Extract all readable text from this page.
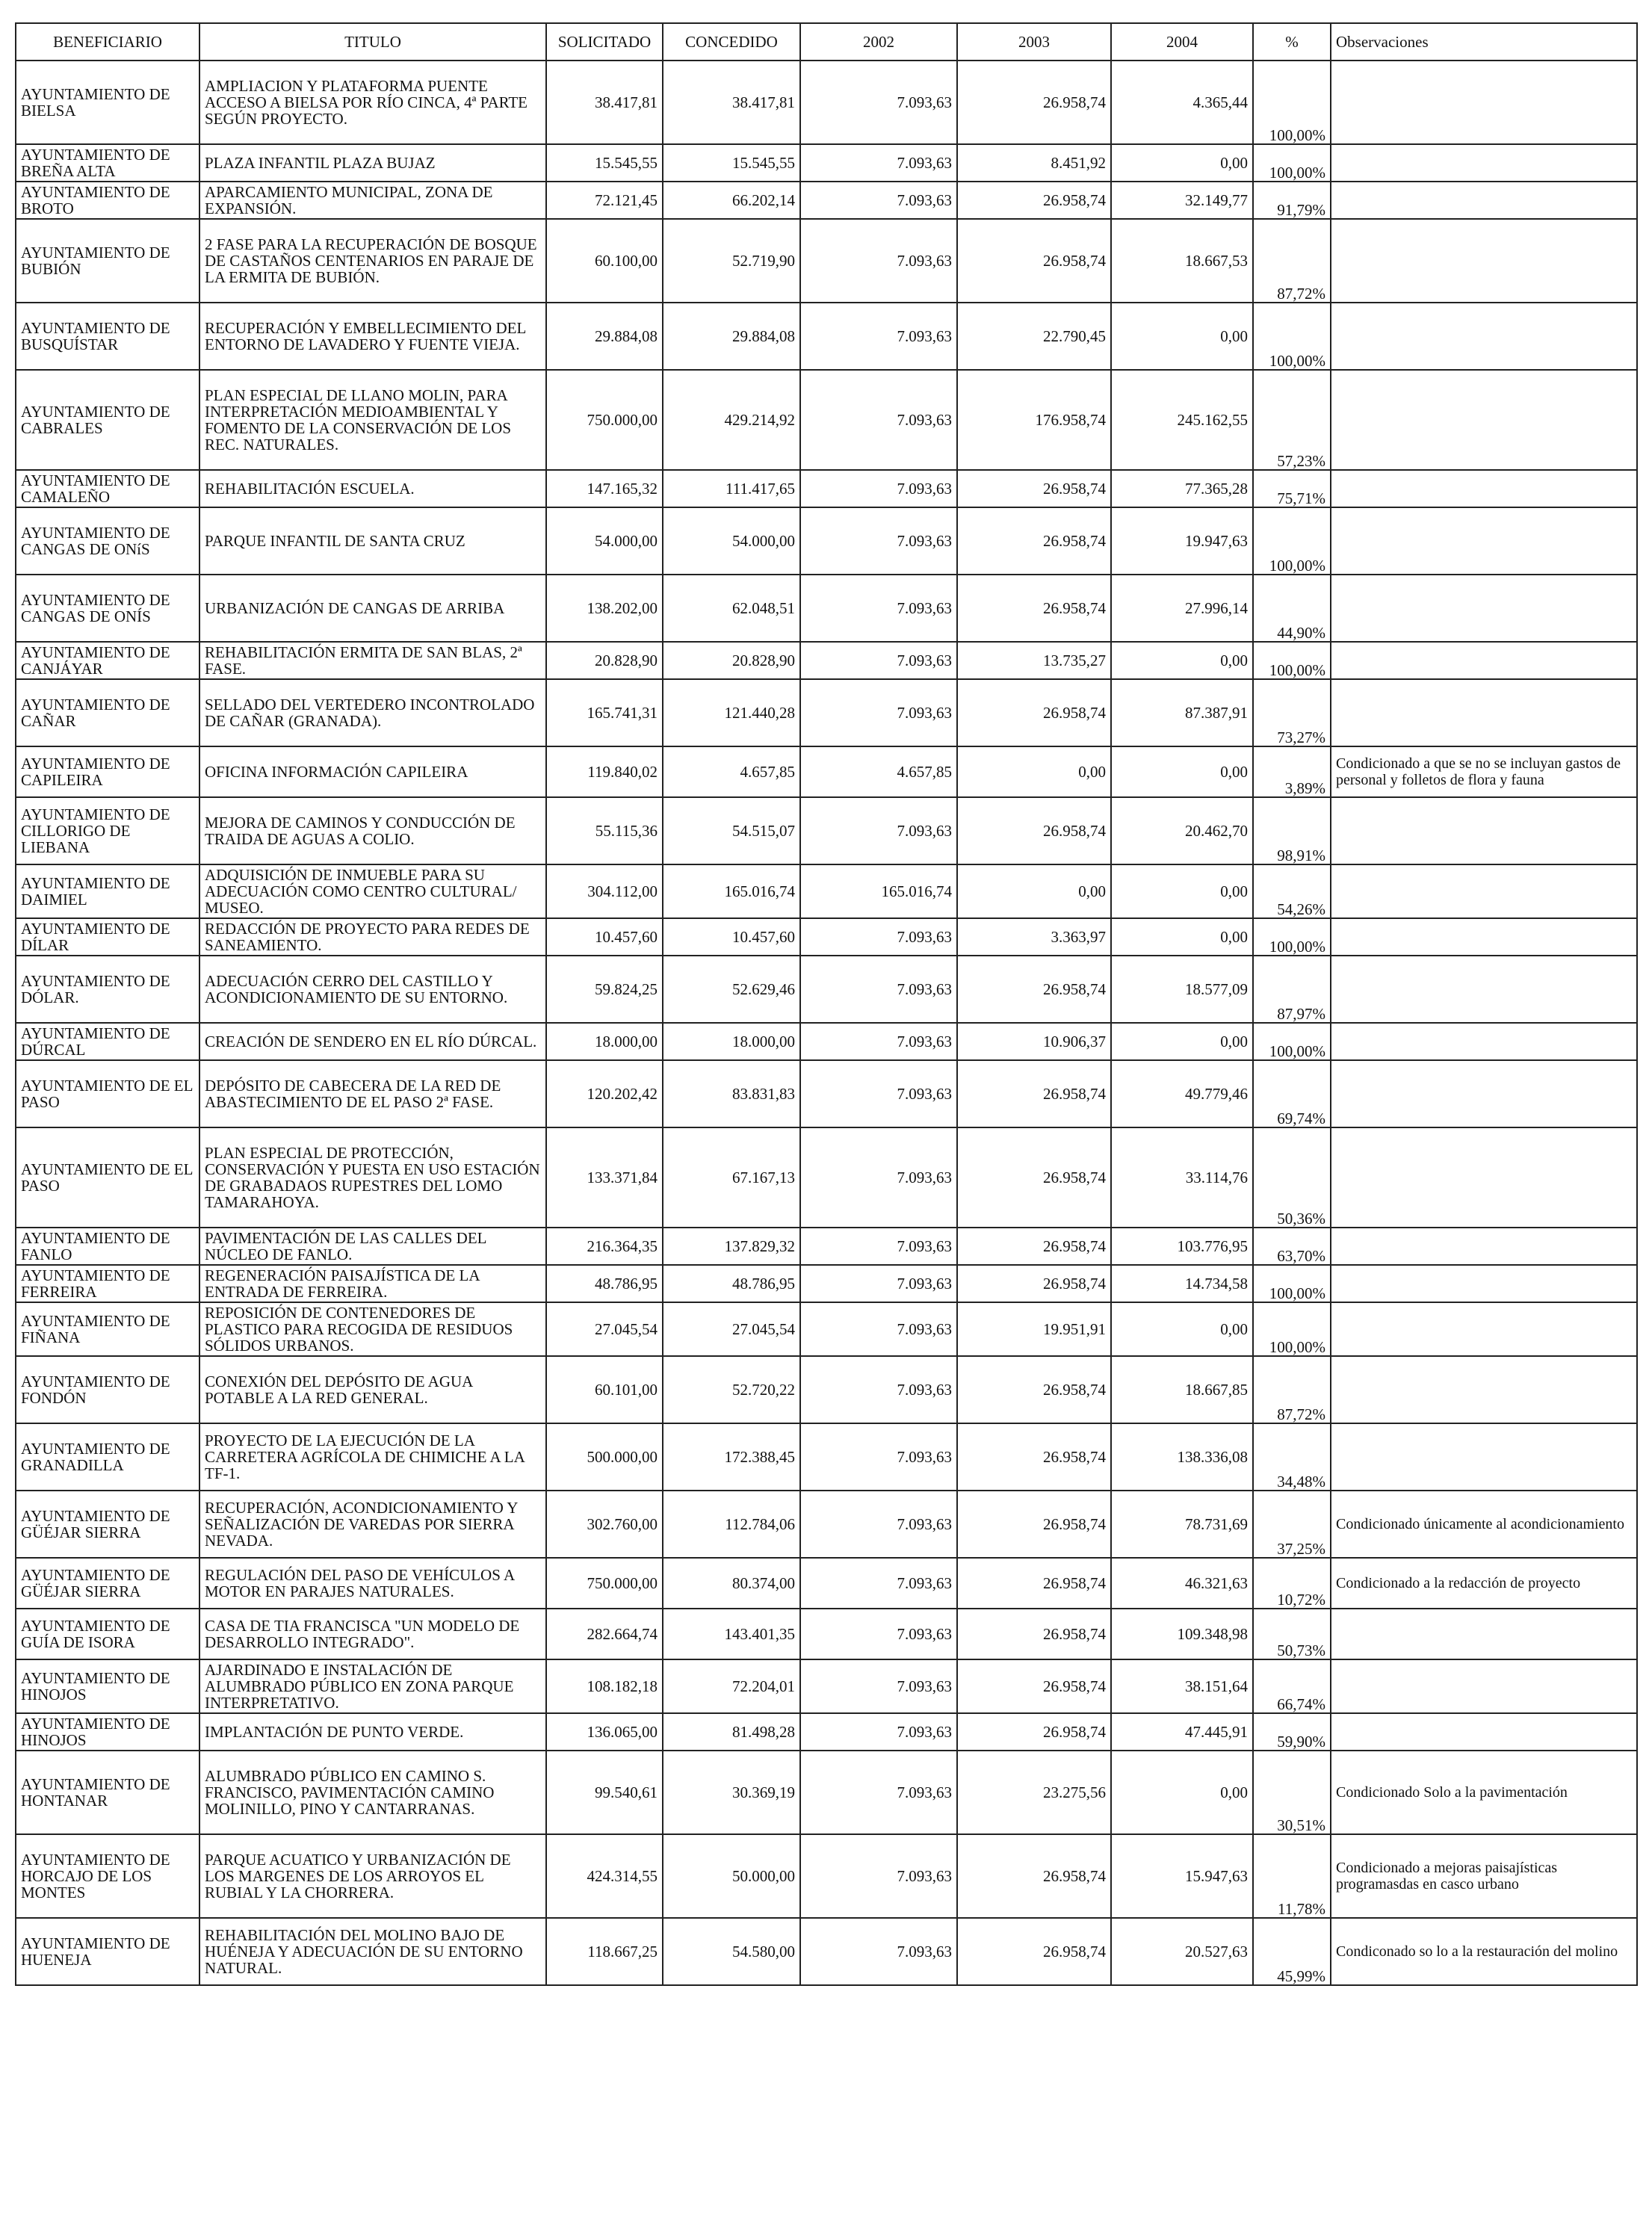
BENEFICIARIO	TITULO	SOLICITADO	CONCEDIDO	2002	2003	2004	%	Observaciones
AYUNTAMIENTO DE BIELSA	AMPLIACION Y PLATAFORMA PUENTE ACCESO A BIELSA POR RÍO CINCA, 4ª PARTE SEGÚN PROYECTO.	38.417,81	38.417,81	7.093,63	26.958,74	4.365,44	100,00%	
AYUNTAMIENTO DE BREÑA ALTA	PLAZA INFANTIL PLAZA BUJAZ	15.545,55	15.545,55	7.093,63	8.451,92	0,00	100,00%	
AYUNTAMIENTO DE BROTO	APARCAMIENTO MUNICIPAL, ZONA DE EXPANSIÓN.	72.121,45	66.202,14	7.093,63	26.958,74	32.149,77	91,79%	
AYUNTAMIENTO DE BUBIÓN	2 FASE PARA LA RECUPERACIÓN DE BOSQUE DE CASTAÑOS CENTENARIOS EN PARAJE DE LA ERMITA DE BUBIÓN.	60.100,00	52.719,90	7.093,63	26.958,74	18.667,53	87,72%	
AYUNTAMIENTO DE BUSQUÍSTAR	RECUPERACIÓN Y EMBELLECIMIENTO DEL ENTORNO DE LAVADERO Y FUENTE VIEJA.	29.884,08	29.884,08	7.093,63	22.790,45	0,00	100,00%	
AYUNTAMIENTO DE CABRALES	PLAN ESPECIAL DE LLANO MOLIN, PARA INTERPRETACIÓN MEDIOAMBIENTAL Y FOMENTO DE LA CONSERVACIÓN DE LOS REC. NATURALES.	750.000,00	429.214,92	7.093,63	176.958,74	245.162,55	57,23%	
AYUNTAMIENTO DE CAMALEÑO	REHABILITACIÓN ESCUELA.	147.165,32	111.417,65	7.093,63	26.958,74	77.365,28	75,71%	
AYUNTAMIENTO DE CANGAS DE ONíS	PARQUE INFANTIL DE SANTA CRUZ	54.000,00	54.000,00	7.093,63	26.958,74	19.947,63	100,00%	
AYUNTAMIENTO DE CANGAS DE ONÍS	URBANIZACIÓN DE CANGAS DE ARRIBA	138.202,00	62.048,51	7.093,63	26.958,74	27.996,14	44,90%	
AYUNTAMIENTO DE CANJÁYAR	REHABILITACIÓN ERMITA DE SAN BLAS, 2ª FASE.	20.828,90	20.828,90	7.093,63	13.735,27	0,00	100,00%	
AYUNTAMIENTO DE CAÑAR	SELLADO DEL VERTEDERO INCONTROLADO DE CAÑAR (GRANADA).	165.741,31	121.440,28	7.093,63	26.958,74	87.387,91	73,27%	
AYUNTAMIENTO DE CAPILEIRA	OFICINA INFORMACIÓN CAPILEIRA	119.840,02	4.657,85	4.657,85	0,00	0,00	3,89%	Condicionado a que se no se incluyan gastos de personal y folletos de flora y fauna
AYUNTAMIENTO DE CILLORIGO DE LIEBANA	MEJORA DE CAMINOS Y CONDUCCIÓN DE TRAIDA DE AGUAS A COLIO.	55.115,36	54.515,07	7.093,63	26.958,74	20.462,70	98,91%	
AYUNTAMIENTO DE DAIMIEL	ADQUISICIÓN DE INMUEBLE PARA SU ADECUACIÓN COMO CENTRO CULTURAL/ MUSEO.	304.112,00	165.016,74	165.016,74	0,00	0,00	54,26%	
AYUNTAMIENTO DE DÍLAR	REDACCIÓN DE PROYECTO PARA REDES DE SANEAMIENTO.	10.457,60	10.457,60	7.093,63	3.363,97	0,00	100,00%	
AYUNTAMIENTO DE DÓLAR.	ADECUACIÓN CERRO DEL CASTILLO Y ACONDICIONAMIENTO DE SU ENTORNO.	59.824,25	52.629,46	7.093,63	26.958,74	18.577,09	87,97%	
AYUNTAMIENTO DE DÚRCAL	CREACIÓN DE SENDERO EN EL RÍO DÚRCAL.	18.000,00	18.000,00	7.093,63	10.906,37	0,00	100,00%	
AYUNTAMIENTO DE EL PASO	DEPÓSITO DE CABECERA DE LA RED DE ABASTECIMIENTO DE EL PASO 2ª FASE.	120.202,42	83.831,83	7.093,63	26.958,74	49.779,46	69,74%	
AYUNTAMIENTO DE EL PASO	PLAN ESPECIAL DE PROTECCIÓN, CONSERVACIÓN Y PUESTA EN USO ESTACIÓN DE GRABADAOS RUPESTRES DEL LOMO TAMARAHOYA.	133.371,84	67.167,13	7.093,63	26.958,74	33.114,76	50,36%	
AYUNTAMIENTO DE FANLO	PAVIMENTACIÓN DE LAS CALLES DEL NÚCLEO DE FANLO.	216.364,35	137.829,32	7.093,63	26.958,74	103.776,95	63,70%	
AYUNTAMIENTO DE FERREIRA	REGENERACIÓN PAISAJÍSTICA DE LA ENTRADA DE FERREIRA.	48.786,95	48.786,95	7.093,63	26.958,74	14.734,58	100,00%	
AYUNTAMIENTO DE FIÑANA	REPOSICIÓN DE CONTENEDORES DE PLASTICO PARA RECOGIDA DE RESIDUOS SÓLIDOS URBANOS.	27.045,54	27.045,54	7.093,63	19.951,91	0,00	100,00%	
AYUNTAMIENTO DE FONDÓN	CONEXIÓN DEL DEPÓSITO DE AGUA POTABLE A LA RED GENERAL.	60.101,00	52.720,22	7.093,63	26.958,74	18.667,85	87,72%	
AYUNTAMIENTO DE GRANADILLA	PROYECTO DE LA EJECUCIÓN DE LA CARRETERA AGRÍCOLA DE CHIMICHE A LA TF-1.	500.000,00	172.388,45	7.093,63	26.958,74	138.336,08	34,48%	
AYUNTAMIENTO DE GÜÉJAR SIERRA	RECUPERACIÓN, ACONDICIONAMIENTO Y SEÑALIZACIÓN DE VAREDAS POR SIERRA NEVADA.	302.760,00	112.784,06	7.093,63	26.958,74	78.731,69	37,25%	Condicionado únicamente al acondicionamiento
AYUNTAMIENTO DE GÜÉJAR SIERRA	REGULACIÓN DEL PASO DE VEHÍCULOS A MOTOR EN PARAJES NATURALES.	750.000,00	80.374,00	7.093,63	26.958,74	46.321,63	10,72%	Condicionado a la redacción de proyecto
AYUNTAMIENTO DE GUÍA DE ISORA	CASA DE TIA FRANCISCA "UN MODELO DE DESARROLLO INTEGRADO".	282.664,74	143.401,35	7.093,63	26.958,74	109.348,98	50,73%	
AYUNTAMIENTO DE HINOJOS	AJARDINADO E INSTALACIÓN DE ALUMBRADO PÚBLICO EN ZONA PARQUE INTERPRETATIVO.	108.182,18	72.204,01	7.093,63	26.958,74	38.151,64	66,74%	
AYUNTAMIENTO DE HINOJOS	IMPLANTACIÓN DE PUNTO VERDE.	136.065,00	81.498,28	7.093,63	26.958,74	47.445,91	59,90%	
AYUNTAMIENTO DE HONTANAR	ALUMBRADO PÚBLICO EN CAMINO S. FRANCISCO, PAVIMENTACIÓN CAMINO MOLINILLO, PINO Y CANTARRANAS.	99.540,61	30.369,19	7.093,63	23.275,56	0,00	30,51%	Condicionado Solo a la pavimentación
AYUNTAMIENTO DE HORCAJO DE LOS MONTES	PARQUE ACUATICO Y URBANIZACIÓN DE LOS MARGENES DE LOS ARROYOS EL RUBIAL Y LA CHORRERA.	424.314,55	50.000,00	7.093,63	26.958,74	15.947,63	11,78%	Condicionado a mejoras paisajísticas programasdas en casco urbano
AYUNTAMIENTO DE HUENEJA	REHABILITACIÓN DEL MOLINO BAJO DE HUÉNEJA Y ADECUACIÓN DE SU ENTORNO NATURAL.	118.667,25	54.580,00	7.093,63	26.958,74	20.527,63	45,99%	Condiconado so lo a la restauración del molino
